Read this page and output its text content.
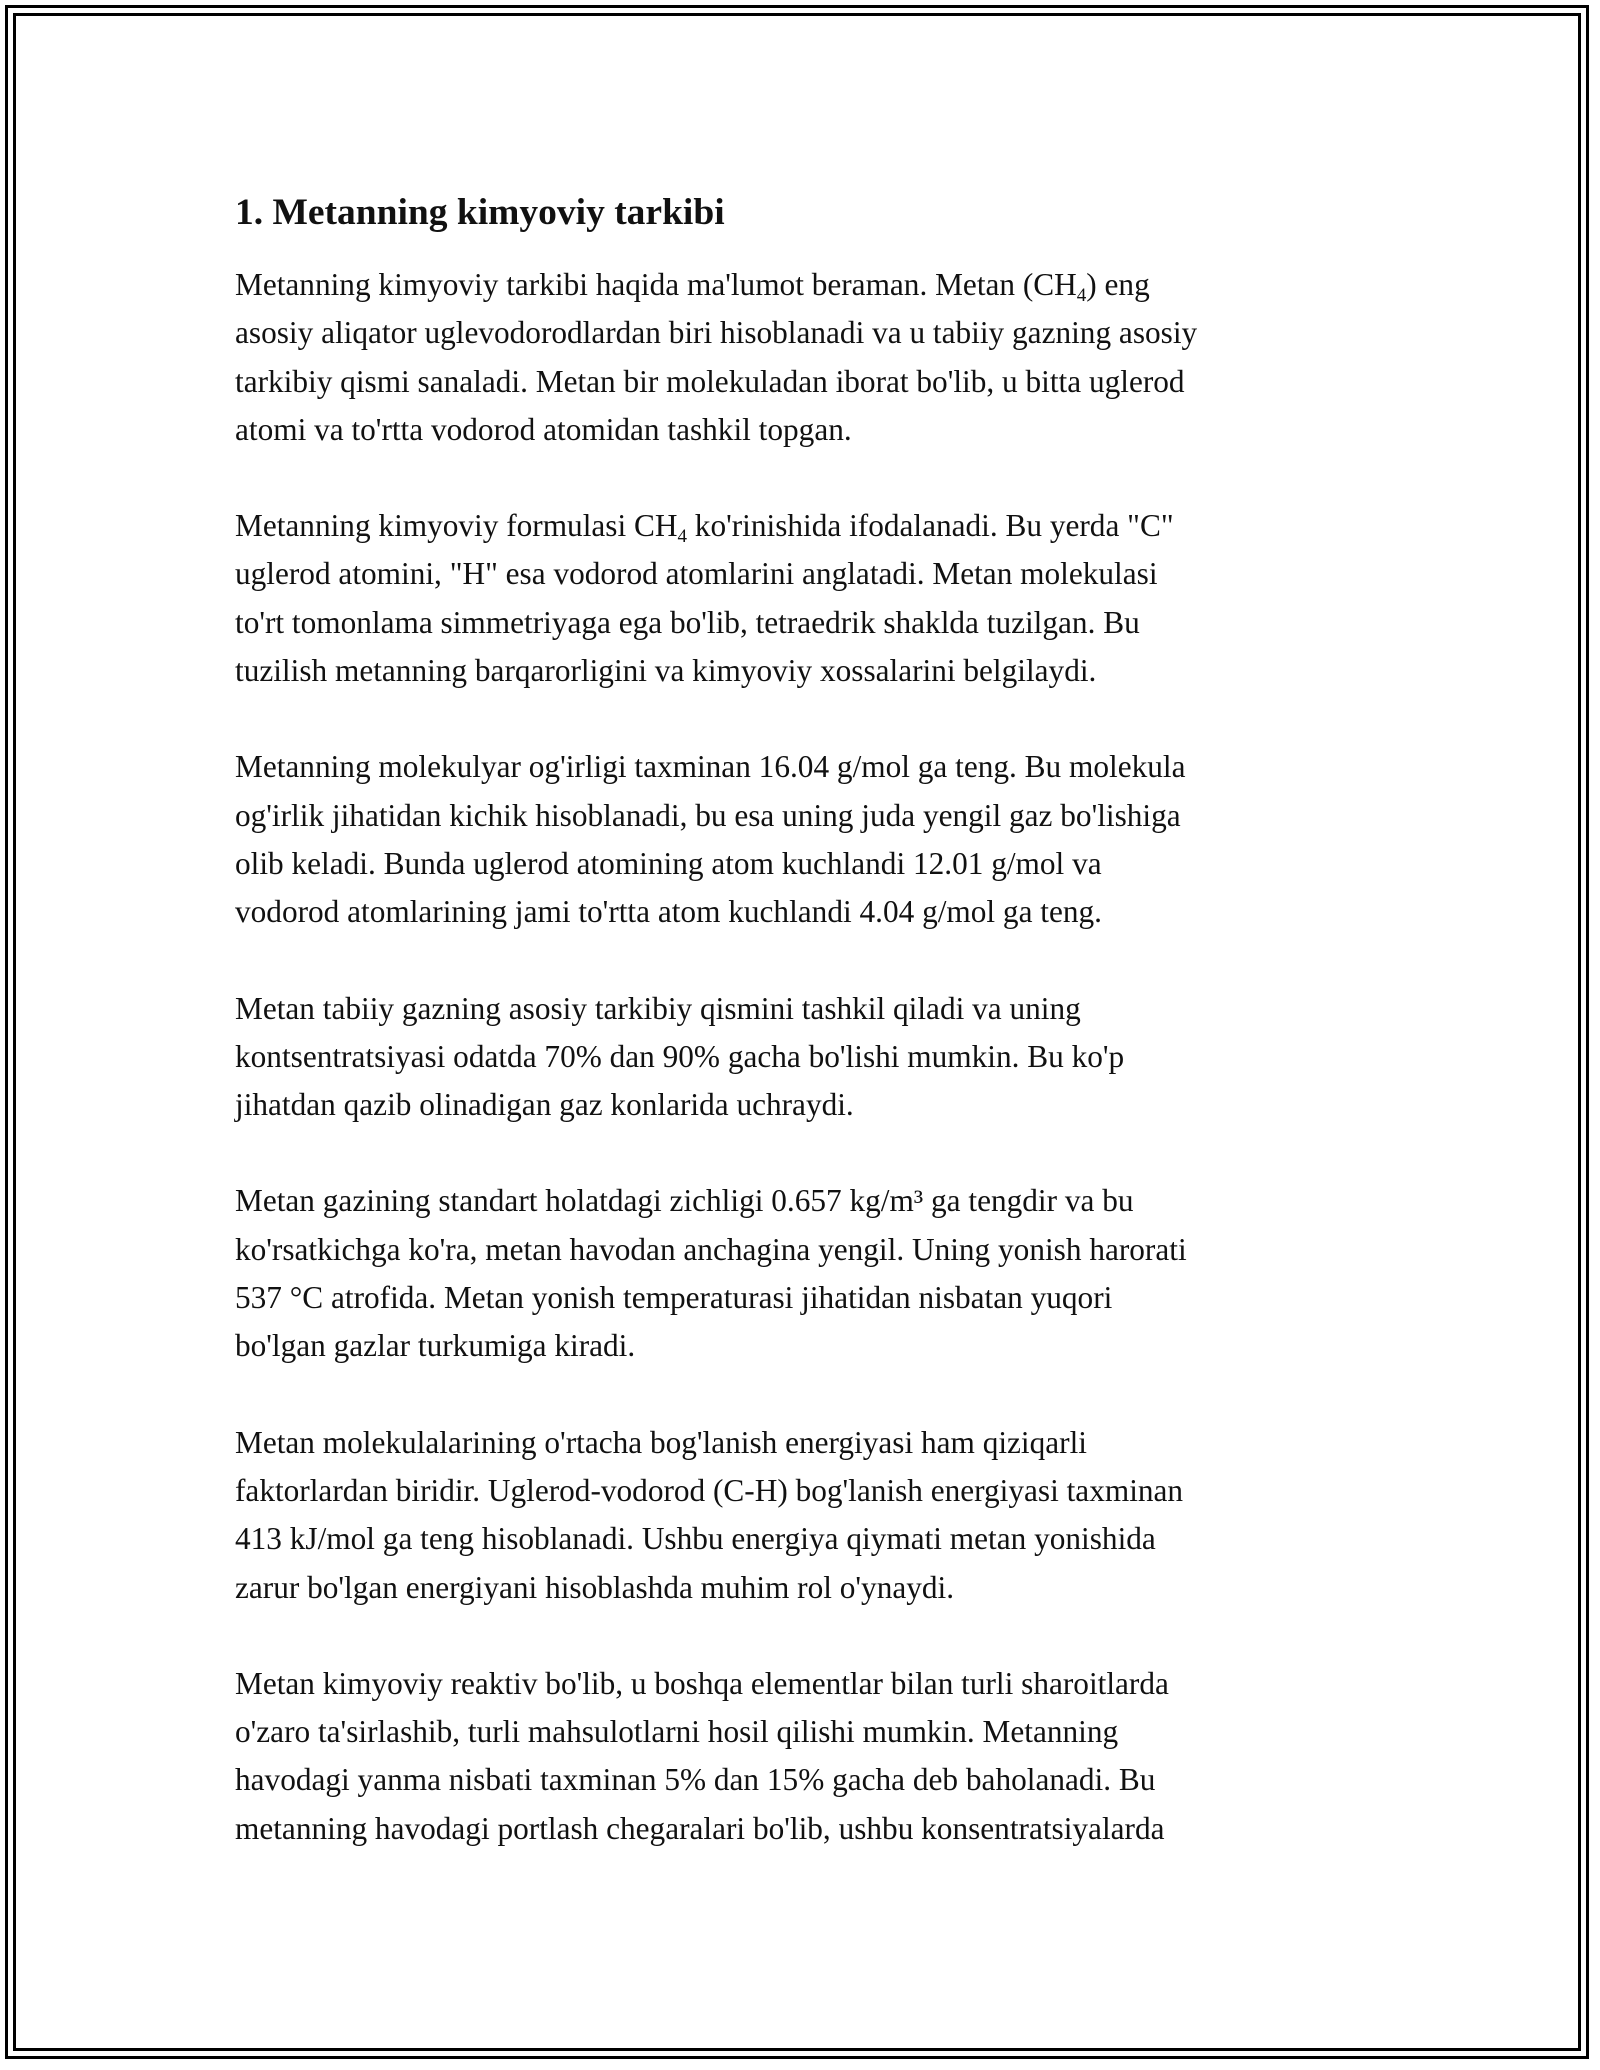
1. Metanning kimyoviy tarkibi

Metanning kimyoviy tarkibi haqida ma'lumot beraman. Metan $(CH_4)$ eng
asosiy aliqator uglevodorodlardan biri hisoblanadi va u tabiiy gazning asosiy
tarkibiy qismi sanaladi. Metan bir molekuladan iborat bo'lib, u bitta uglerod
atomi va to'rtta vodorod atomidan tashkil topgan.

Metanning kimyoviy formulasi $CH_4$ ko'rinishida ifodalanadi. Bu yerda "C"
uglerod atomini, "H" esa vodorod atomlarini anglatadi. Metan molekulasi
to'rt tomonlama simmetriyaga ega bo'lib, tetraedrik shaklda tuzilgan. Bu
tuzilish metanning barqarorligini va kimyoviy xossalarini belgilaydi.

Metanning molekulyar og'irligi taxminan 16.04 g/mol ga teng. Bu molekula
og'irlik jihatidan kichik hisoblanadi, bu esa uning juda yengil gaz bo'lishiga
olib keladi. Bunda uglerod atomining atom kuchlandi 12.01 g/mol va
vodorod atomlarining jami to'rtta atom kuchlandi 4.04 g/mol ga teng.

Metan tabiiy gazning asosiy tarkibiy qismini tashkil qiladi va uning
kontsentratsiyasi odatda 70% dan 90% gacha bo'lishi mumkin. Bu ko'p
jihatdan qazib olinadigan gaz konlarida uchraydi.

Metan gazining standart holatdagi zichligi 0.657 kg/m³ ga tengdir va bu
ko'rsatkichga ko'ra, metan havodan anchagina yengil. Uning yonish harorati
537 °C atrofida. Metan yonish temperaturasi jihatidan nisbatan yuqori
bo'lgan gazlar turkumiga kiradi.

Metan molekulalarining o'rtacha bog'lanish energiyasi ham qiziqarli
faktorlardan biridir. Uglerod-vodorod (C-H) bog'lanish energiyasi taxminan
413 kJ/mol ga teng hisoblanadi. Ushbu energiya qiymati metan yonishida
zarur bo'lgan energiyani hisoblashda muhim rol o'ynaydi.

Metan kimyoviy reaktiv bo'lib, u boshqa elementlar bilan turli sharoitlarda
o'zaro ta'sirlashib, turli mahsulotlarni hosil qilishi mumkin. Metanning
havodagi yanma nisbati taxminan 5% dan 15% gacha deb baholanadi. Bu
metanning havodagi portlash chegaralari bo'lib, ushbu konsentratsiyalarda
